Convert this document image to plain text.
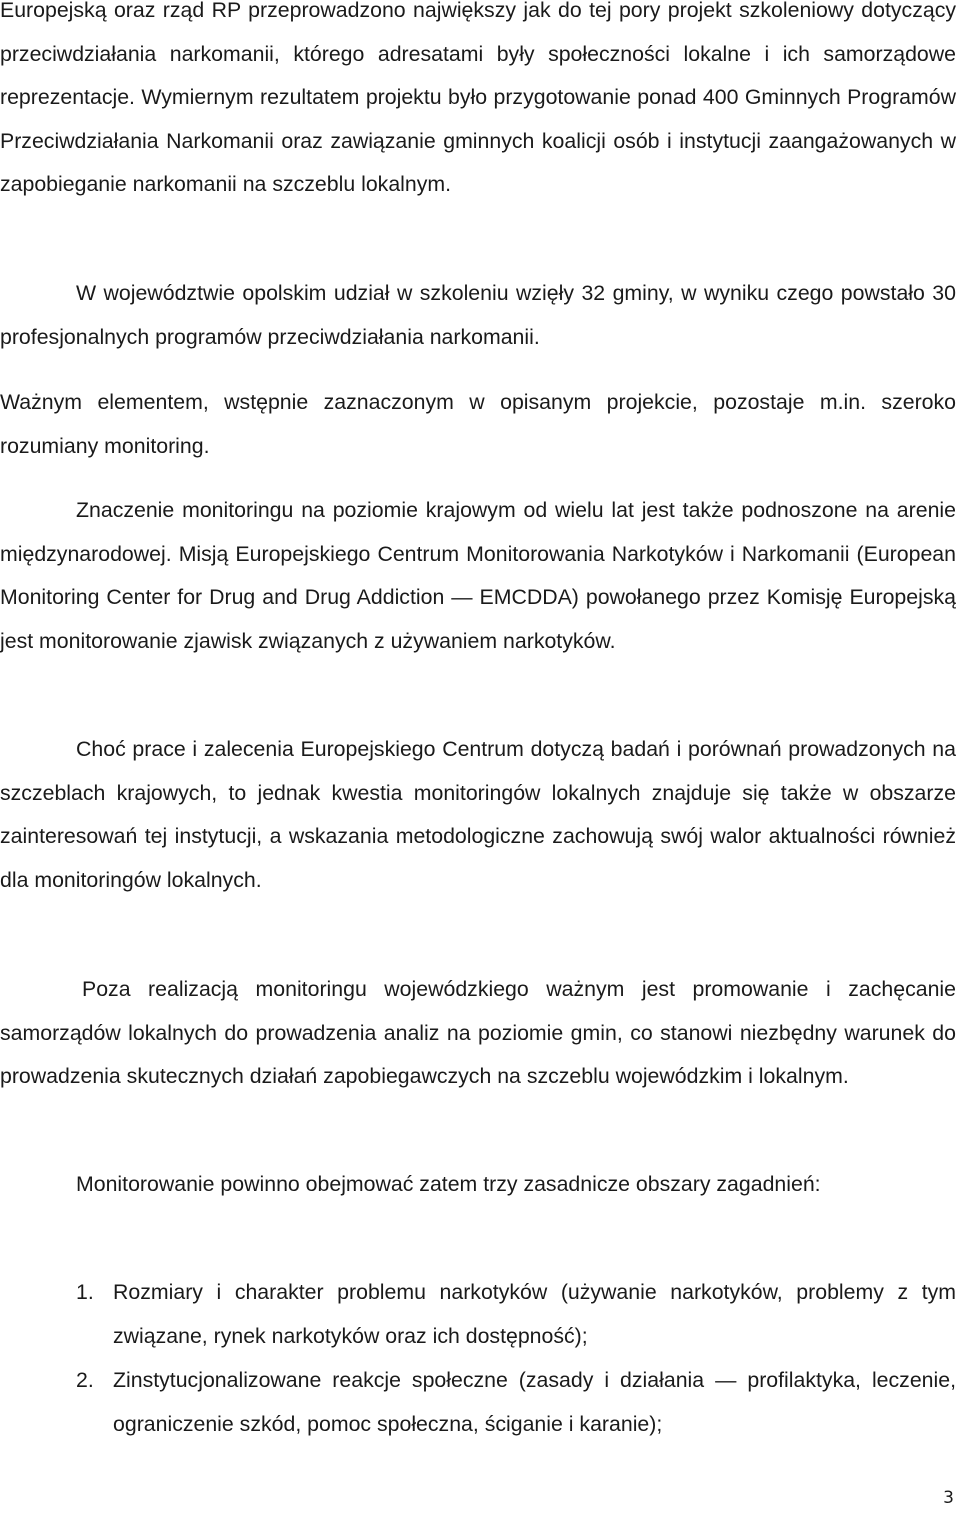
Europejską oraz rząd RP przeprowadzono największy jak do tej pory projekt szkoleniowy dotyczący przeciwdziałania narkomanii, którego adresatami były społeczności lokalne i ich samorządowe reprezentacje. Wymiernym rezultatem projektu było przygotowanie ponad 400 Gminnych Programów Przeciwdziałania Narkomanii oraz zawiązanie gminnych koalicji osób i instytucji zaangażowanych w zapobieganie narkomanii na szczeblu lokalnym.

W województwie opolskim udział w szkoleniu wzięły 32 gminy, w wyniku czego powstało 30 profesjonalnych programów przeciwdziałania narkomanii.

Ważnym elementem, wstępnie zaznaczonym w opisanym projekcie, pozostaje m.in. szeroko rozumiany monitoring.

Znaczenie monitoringu na poziomie krajowym od wielu lat jest także podnoszone na arenie międzynarodowej. Misją Europejskiego Centrum Monitorowania Narkotyków i Narkomanii (European Monitoring Center for Drug and Drug Addiction — EMCDDA) powołanego przez Komisję Europejską jest monitorowanie zjawisk związanych z używaniem narkotyków.

Choć prace i zalecenia Europejskiego Centrum dotyczą badań i porównań prowadzonych na szczeblach krajowych, to jednak kwestia monitoringów lokalnych znajduje się także w obszarze zainteresowań tej instytucji, a wskazania metodologiczne zachowują swój walor aktualności również dla monitoringów lokalnych.

Poza realizacją monitoringu wojewódzkiego ważnym jest promowanie i zachęcanie samorządów lokalnych do prowadzenia analiz na poziomie gmin, co stanowi niezbędny warunek do prowadzenia skutecznych działań zapobiegawczych na szczeblu wojewódzkim i lokalnym.

Monitorowanie powinno obejmować zatem trzy zasadnicze obszary zagadnień:

1. Rozmiary i charakter problemu narkotyków (używanie narkotyków, problemy z tym związane, rynek narkotyków oraz ich dostępność);
2. Zinstytucjonalizowane reakcje społeczne (zasady i działania — profilaktyka, leczenie, ograniczenie szkód, pomoc społeczna, ściganie i karanie);
3
